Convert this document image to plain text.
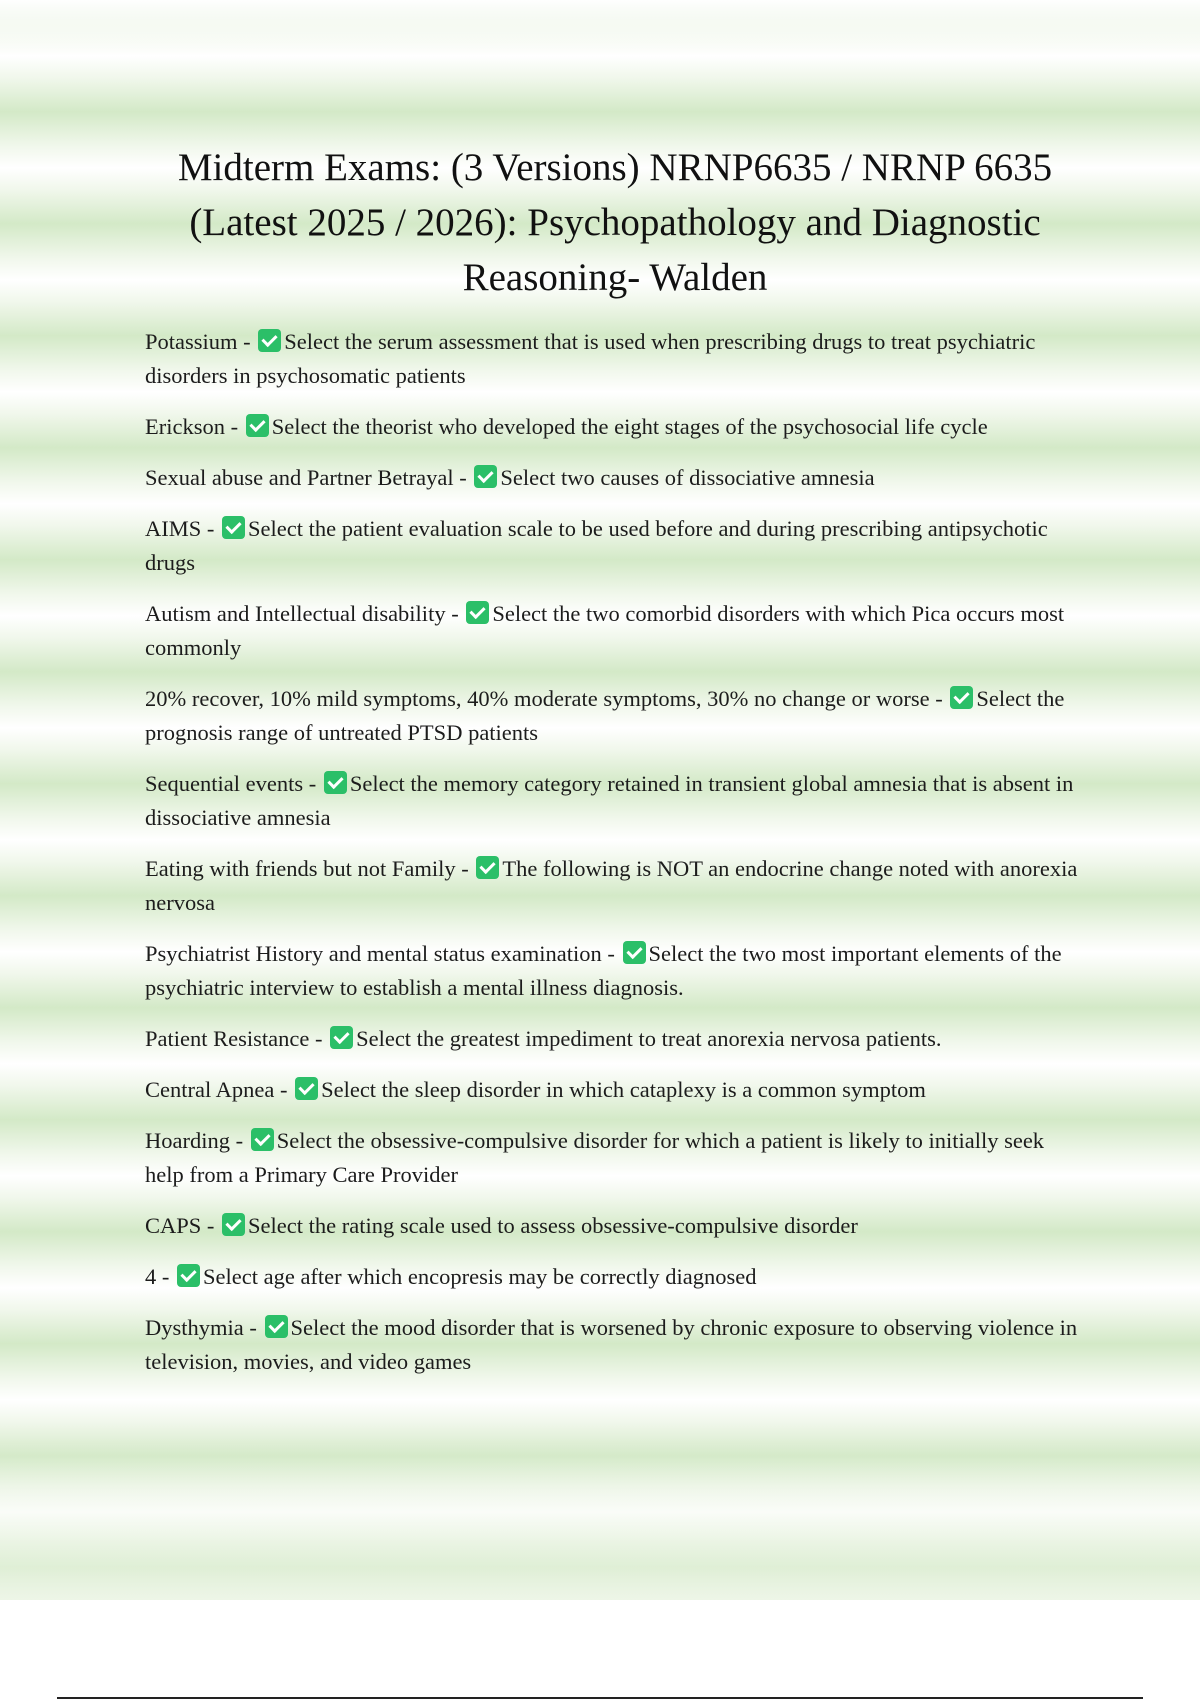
Midterm Exams: (3 Versions) NRNP6635 / NRNP 6635 (Latest 2025 / 2026): Psychopathology and Diagnostic Reasoning- Walden
Potassium - Select the serum assessment that is used when prescribing drugs to treat psychiatric disorders in psychosomatic patients
Erickson - Select the theorist who developed the eight stages of the psychosocial life cycle
Sexual abuse and Partner Betrayal - Select two causes of dissociative amnesia
AIMS - Select the patient evaluation scale to be used before and during prescribing antipsychotic drugs
Autism and Intellectual disability - Select the two comorbid disorders with which Pica occurs most commonly
20% recover, 10% mild symptoms, 40% moderate symptoms, 30% no change or worse - Select the prognosis range of untreated PTSD patients
Sequential events - Select the memory category retained in transient global amnesia that is absent in dissociative amnesia
Eating with friends but not Family - The following is NOT an endocrine change noted with anorexia nervosa
Psychiatrist History and mental status examination - Select the two most important elements of the psychiatric interview to establish a mental illness diagnosis.
Patient Resistance - Select the greatest impediment to treat anorexia nervosa patients.
Central Apnea - Select the sleep disorder in which cataplexy is a common symptom
Hoarding - Select the obsessive-compulsive disorder for which a patient is likely to initially seek help from a Primary Care Provider
CAPS - Select the rating scale used to assess obsessive-compulsive disorder
4 - Select age after which encopresis may be correctly diagnosed
Dysthymia - Select the mood disorder that is worsened by chronic exposure to observing violence in television, movies, and video games
